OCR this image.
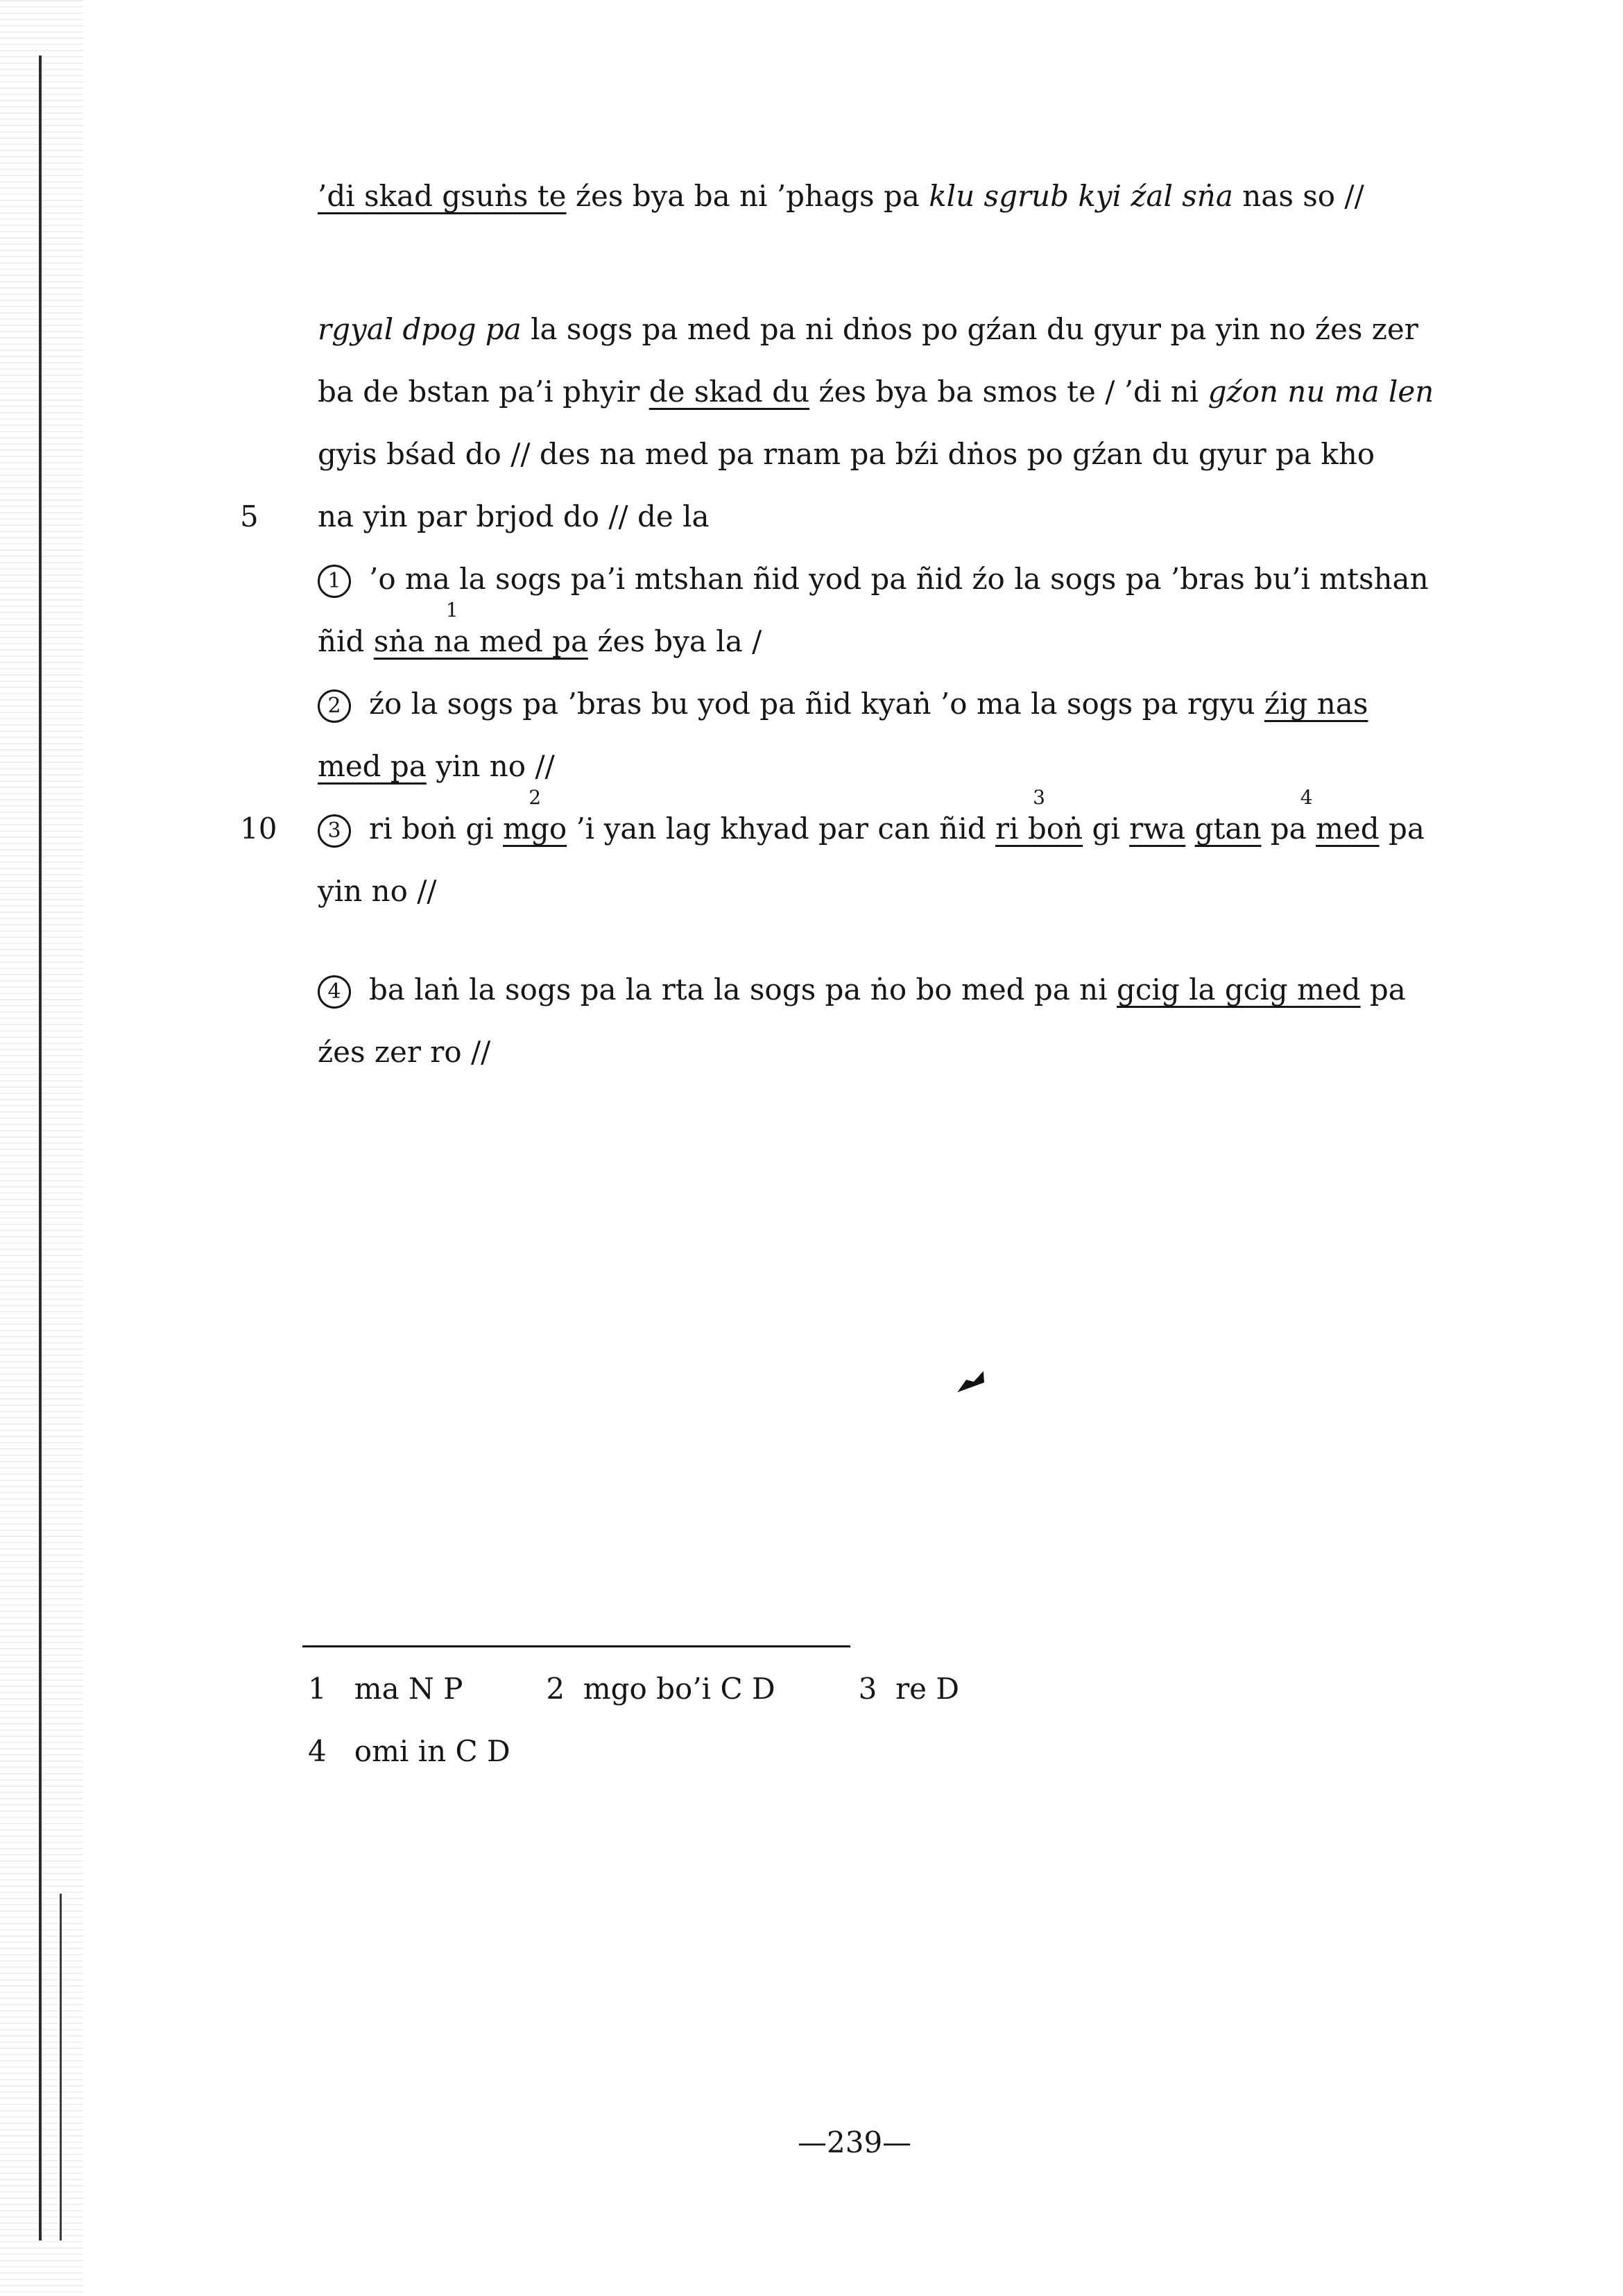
’di skad gsuṅs te źes bya ba ni ’phags pa klu sgrub kyi źal sṅa nas so //
rgyal dpog pa la sogs pa med pa ni dṅos po gźan du gyur pa yin no źes zer
ba de bstan pa’i phyir de skad du źes bya ba smos te / ’di ni gźon nu ma len
gyis bśad do // des na med pa rnam pa bźi dṅos po gźan du gyur pa kho
5 na yin par brjod do // de la
1 ’o ma la sogs pa’i mtshan ñid yod pa ñid źo la sogs pa ’bras bu’i mtshan
ñid sṅa na
1
med pa źes bya la /
2 źo la sogs pa ’bras bu yod pa ñid kyaṅ ’o ma la sogs pa rgyu źig nas
med pa yin no //
10	3 ri boṅ gi mgo
2
’i yan lag khyad par can ñid ri boṅ
3
gi rwa gtan pa
4
med pa
yin no //
4 ba laṅ la sogs pa la rta la sogs pa ṅo bo med pa ni gcig la gcig med pa
źes zer ro //
1 ma N P	2 mgo bo’i C D	3 re D
4 omi in C D
—239—
